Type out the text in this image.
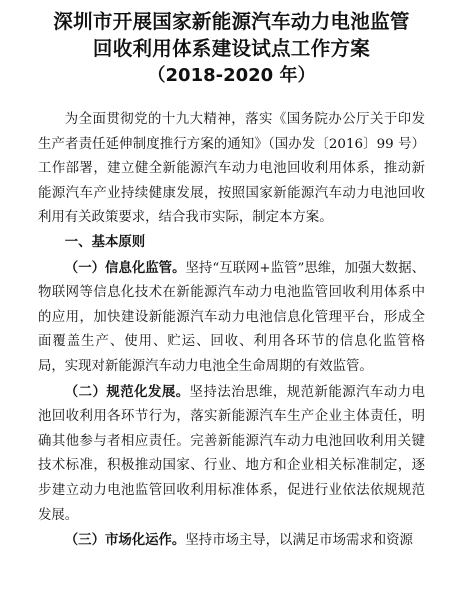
深圳市开展国家新能源汽车动力电池监管
回收利用体系建设试点工作方案
（2018-2020 年）

为全面贯彻党的十九大精神，落实《国务院办公厅关于印发生产者责任延伸制度推行方案的通知》（国办发〔2016〕99 号）工作部署，建立健全新能源汽车动力电池回收利用体系，推动新能源汽车产业持续健康发展，按照国家新能源汽车动力电池回收利用有关政策要求，结合我市实际，制定本方案。

一、基本原则

（一）信息化监管。坚持“互联网+监管”思维，加强大数据、物联网等信息化技术在新能源汽车动力电池监管回收利用体系中的应用，加快建设新能源汽车动力电池信息化管理平台，形成全面覆盖生产、使用、贮运、回收、利用各环节的信息化监管格局，实现对新能源汽车动力电池全生命周期的有效监管。

（二）规范化发展。坚持法治思维，规范新能源汽车动力电池回收利用各环节行为，落实新能源汽车生产企业主体责任，明确其他参与者相应责任。完善新能源汽车动力电池回收利用关键技术标准，积极推动国家、行业、地方和企业相关标准制定，逐步建立动力电池监管回收利用标准体系，促进行业依法依规规范发展。

（三）市场化运作。坚持市场主导，以满足市场需求和资源
